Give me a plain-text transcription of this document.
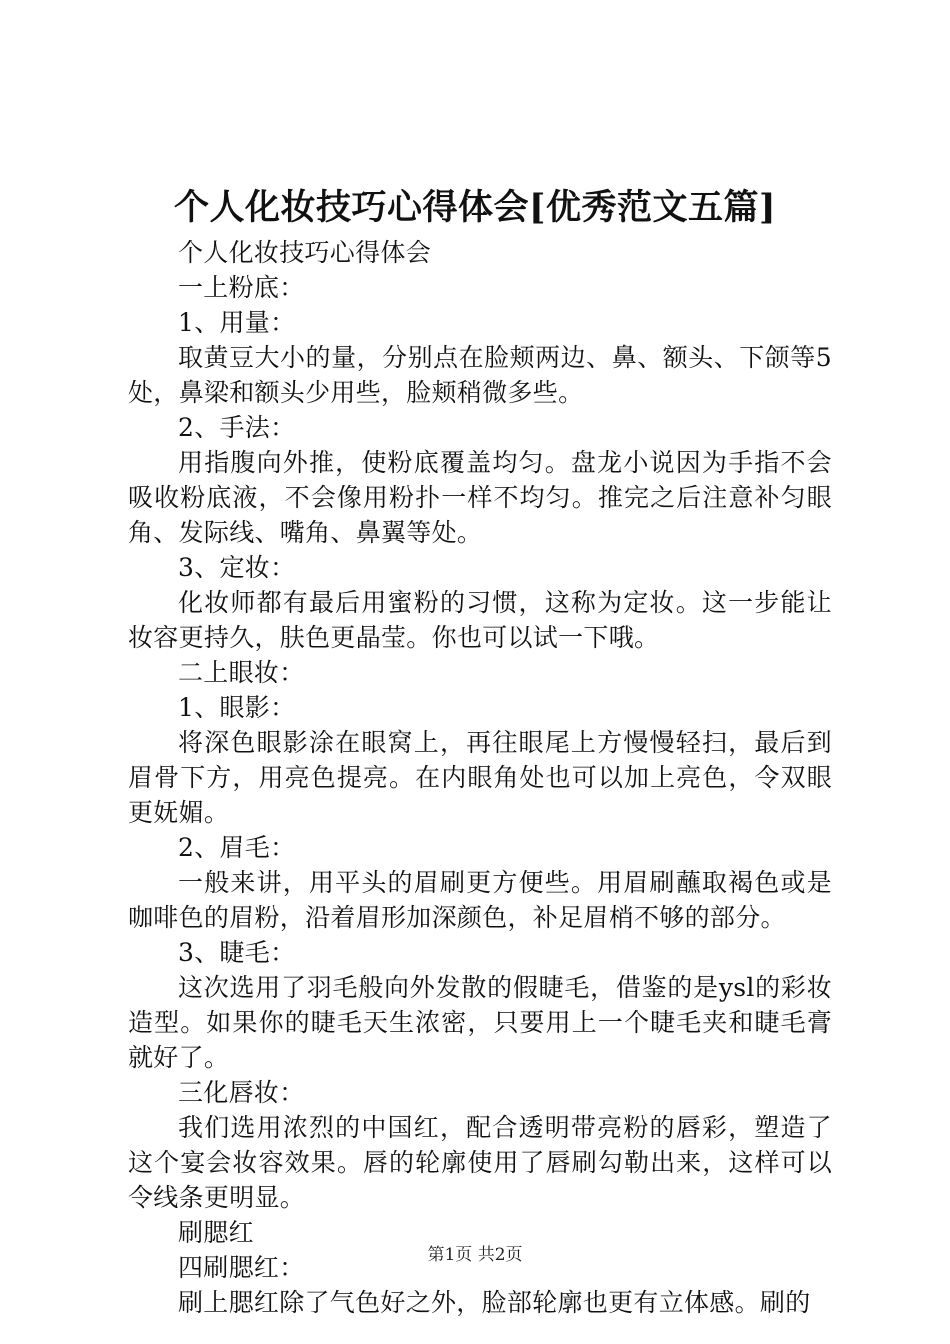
个人化妆技巧心得体会[优秀范文五篇]

个人化妆技巧心得体会

一上粉底：

1、用量：

取黄豆大小的量，分别点在脸颊两边、鼻、额头、下颌等5处，鼻梁和额头少用些，脸颊稍微多些。

2、手法：

用指腹向外推，使粉底覆盖均匀。盘龙小说因为手指不会吸收粉底液，不会像用粉扑一样不均匀。推完之后注意补匀眼角、发际线、嘴角、鼻翼等处。

3、定妆：

化妆师都有最后用蜜粉的习惯，这称为定妆。这一步能让妆容更持久，肤色更晶莹。你也可以试一下哦。

二上眼妆：

1、眼影：

将深色眼影涂在眼窝上，再往眼尾上方慢慢轻扫，最后到眉骨下方，用亮色提亮。在内眼角处也可以加上亮色，令双眼更妩媚。

2、眉毛：

一般来讲，用平头的眉刷更方便些。用眉刷蘸取褐色或是咖啡色的眉粉，沿着眉形加深颜色，补足眉梢不够的部分。

3、睫毛：

这次选用了羽毛般向外发散的假睫毛，借鉴的是ysl的彩妆造型。如果你的睫毛天生浓密，只要用上一个睫毛夹和睫毛膏就好了。

三化唇妆：

我们选用浓烈的中国红，配合透明带亮粉的唇彩，塑造了这个宴会妆容效果。唇的轮廓使用了唇刷勾勒出来，这样可以令线条更明显。

刷腮红

四刷腮红：

刷上腮红除了气色好之外，脸部轮廓也更有立体感。刷的

第1页 共2页
